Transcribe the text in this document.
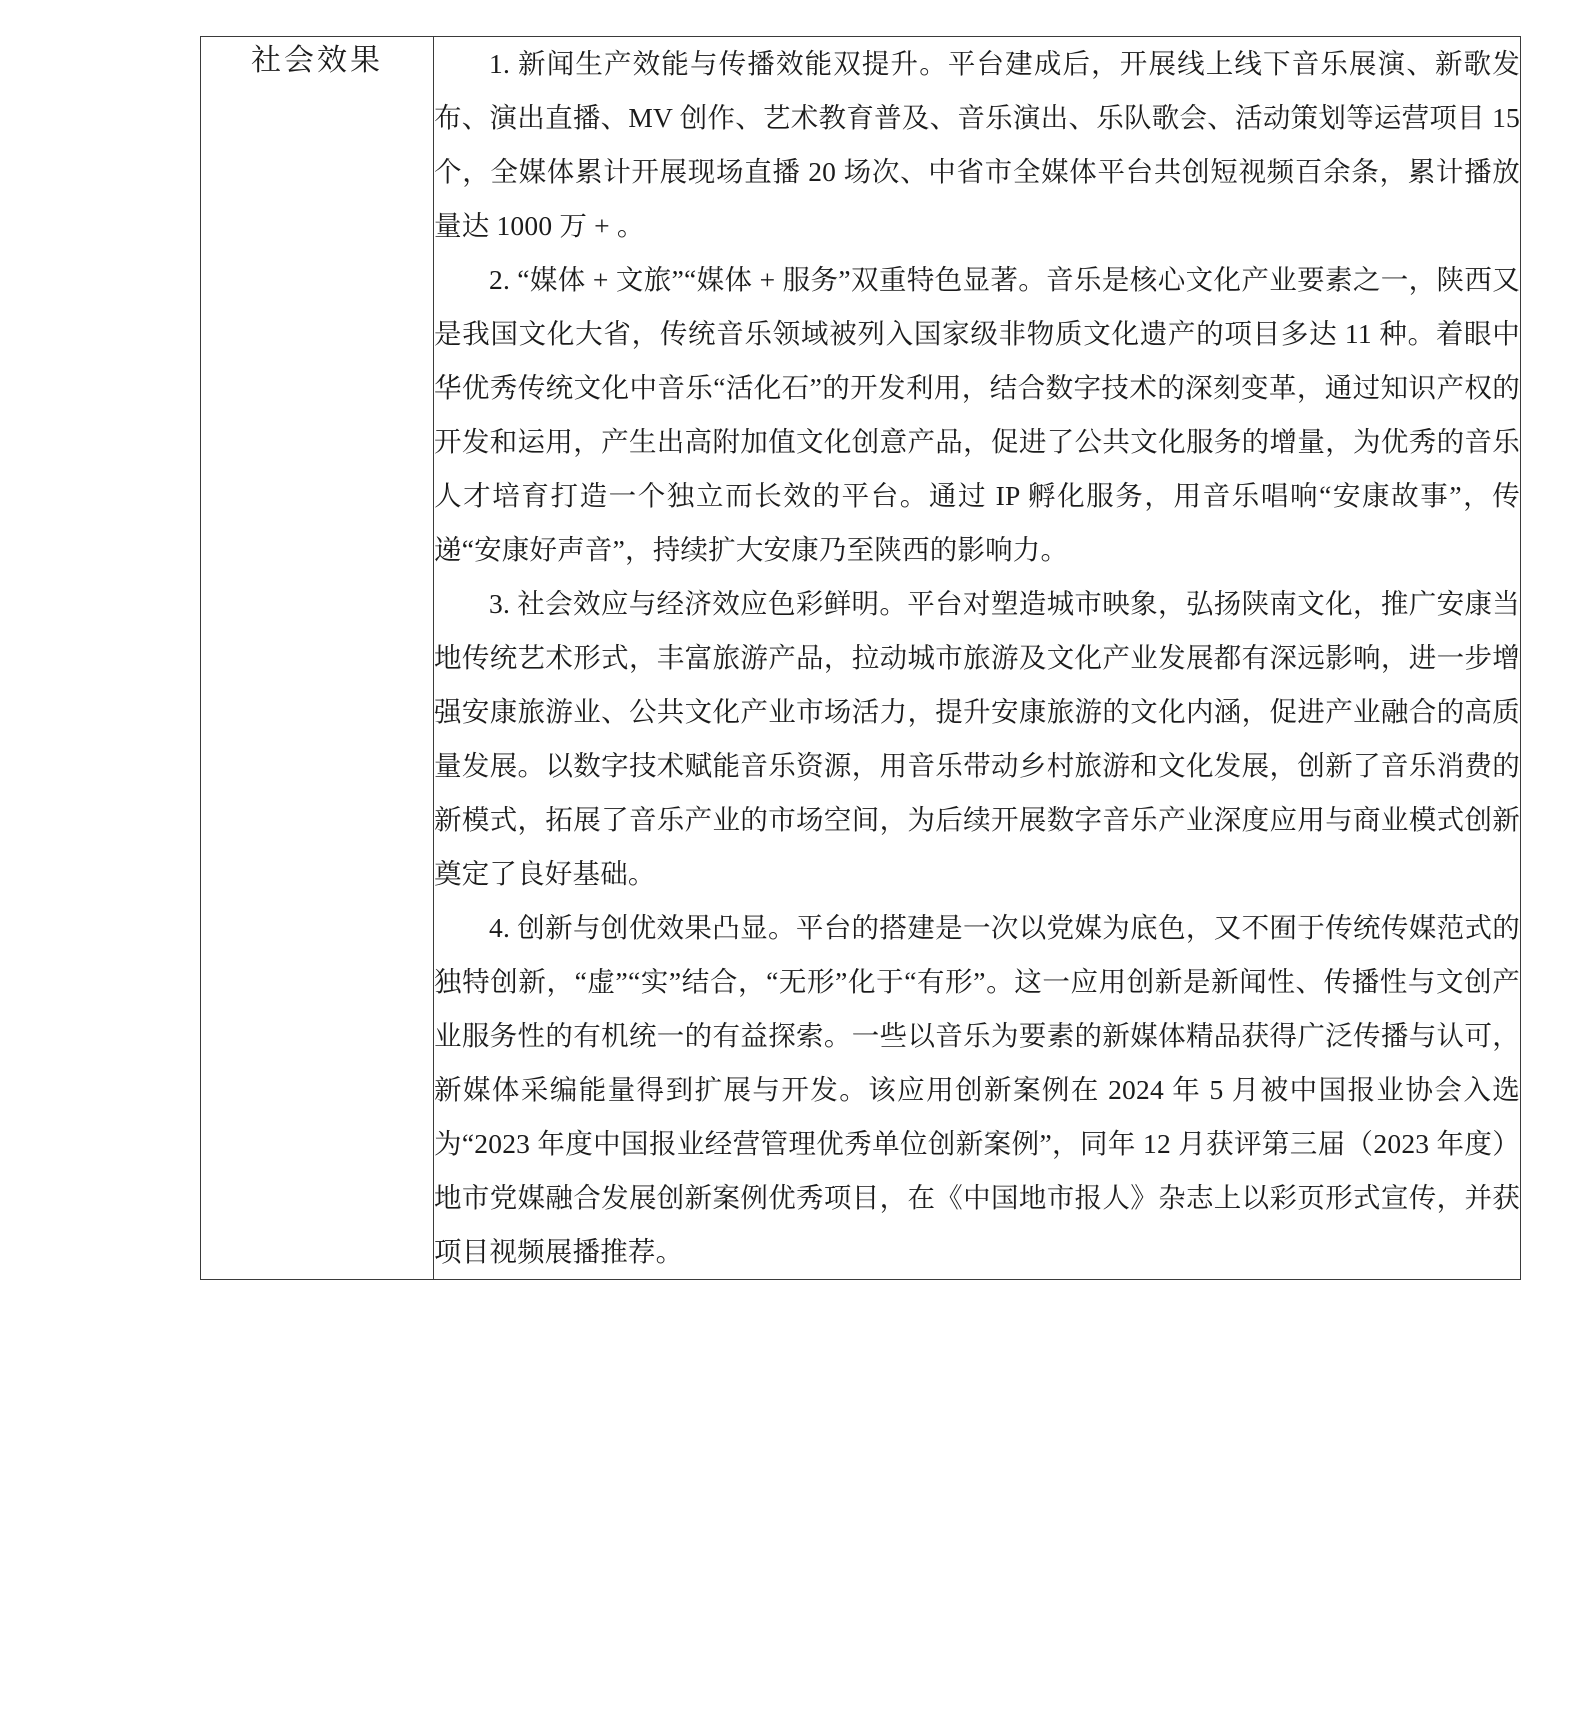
社会效果	1. 新闻生产效能与传播效能双提升。平台建成后，开展线上线下音乐展演、新歌发布、演出直播、MV 创作、艺术教育普及、音乐演出、乐队歌会、活动策划等运营项目 15 个，全媒体累计开展现场直播 20 场次、中省市全媒体平台共创短视频百余条，累计播放量达 1000 万 + 。

2. “媒体 + 文旅”“媒体 + 服务”双重特色显著。音乐是核心文化产业要素之一，陕西又是我国文化大省，传统音乐领域被列入国家级非物质文化遗产的项目多达 11 种。着眼中华优秀传统文化中音乐“活化石”的开发利用，结合数字技术的深刻变革，通过知识产权的开发和运用，产生出高附加值文化创意产品，促进了公共文化服务的增量，为优秀的音乐人才培育打造一个独立而长效的平台。通过 IP 孵化服务，用音乐唱响“安康故事”，传递“安康好声音”，持续扩大安康乃至陕西的影响力。

3. 社会效应与经济效应色彩鲜明。平台对塑造城市映象，弘扬陕南文化，推广安康当地传统艺术形式，丰富旅游产品，拉动城市旅游及文化产业发展都有深远影响，进一步增强安康旅游业、公共文化产业市场活力，提升安康旅游的文化内涵，促进产业融合的高质量发展。以数字技术赋能音乐资源，用音乐带动乡村旅游和文化发展，创新了音乐消费的新模式，拓展了音乐产业的市场空间，为后续开展数字音乐产业深度应用与商业模式创新奠定了良好基础。

4. 创新与创优效果凸显。平台的搭建是一次以党媒为底色，又不囿于传统传媒范式的独特创新，“虚”“实”结合，“无形”化于“有形”。这一应用创新是新闻性、传播性与文创产业服务性的有机统一的有益探索。一些以音乐为要素的新媒体精品获得广泛传播与认可，新媒体采编能量得到扩展与开发。该应用创新案例在 2024 年 5 月被中国报业协会入选为“2023 年度中国报业经营管理优秀单位创新案例”，同年 12 月获评第三届（2023 年度）地市党媒融合发展创新案例优秀项目，在《中国地市报人》杂志上以彩页形式宣传，并获项目视频展播推荐。
